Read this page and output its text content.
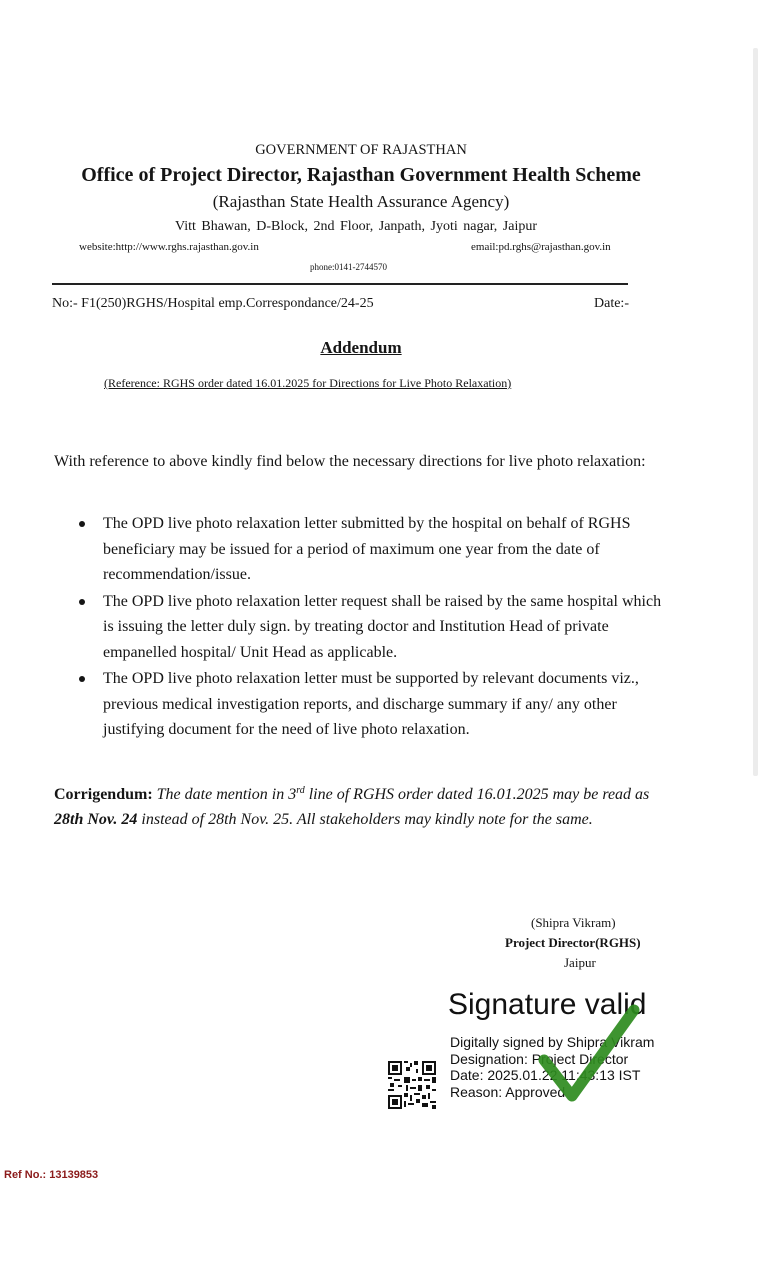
GOVERNMENT OF RAJASTHAN
Office of Project Director, Rajasthan Government Health Scheme
(Rajasthan State Health Assurance Agency)
Vitt Bhawan, D-Block, 2nd Floor, Janpath, Jyoti nagar, Jaipur
website:http://www.rghs.rajasthan.gov.in	email:pd.rghs@rajasthan.gov.in
phone:0141-2744570
No:- F1(250)RGHS/Hospital emp.Correspondance/24-25	Date:-
Addendum
(Reference: RGHS order dated 16.01.2025 for Directions for Live Photo Relaxation)
With reference to above kindly find below the necessary directions for live photo relaxation:
The OPD live photo relaxation letter submitted by the hospital on behalf of RGHS beneficiary may be issued for a period of maximum one year from the date of recommendation/issue.
The OPD live photo relaxation letter request shall be raised by the same hospital which is issuing the letter duly sign. by treating doctor and Institution Head of private empanelled hospital/ Unit Head as applicable.
The OPD live photo relaxation letter must be supported by relevant documents viz., previous medical investigation reports, and discharge summary if any/ any other justifying document for the need of live photo relaxation.
Corrigendum: The date mention in 3rd line of RGHS order dated 16.01.2025 may be read as 28th Nov. 24 instead of 28th Nov. 25. All stakeholders may kindly note for the same.
(Shipra Vikram)
Project Director(RGHS)
Jaipur
Signature valid
Digitally signed by Shipra Vikram
Designation: Project Director
Date: 2025.01.22 11:43:13 IST
Reason: Approved
Ref No.: 13139853
